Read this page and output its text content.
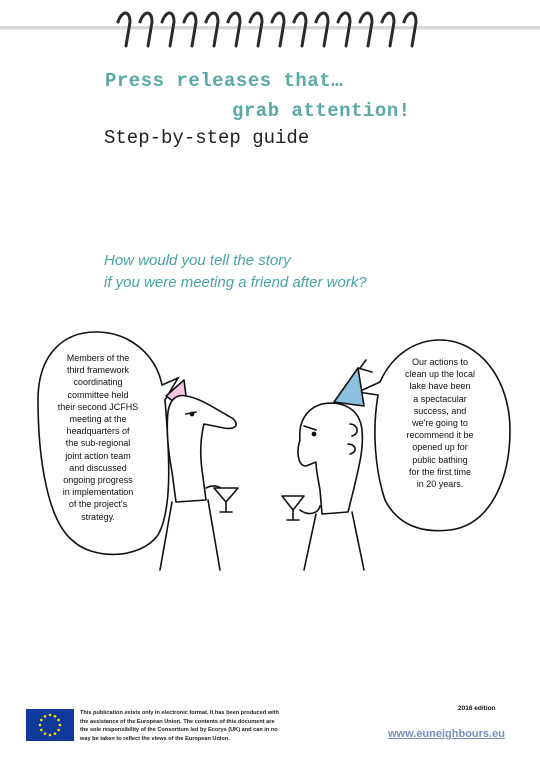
Press releases that…
grab attention!
Step-by-step guide
How would you tell the story
if you were meeting a friend after work?
Members of the
third framework
coordinating
committee held
their second JCFHS
meeting at the
headquarters of
the sub-regional
joint action team
and discussed
ongoing progress
in implementation
of the project's
strategy.
Our actions to
clean up the local
lake have been
a spectacular
success, and
we're going to
recommend it be
opened up for
public bathing
for the first time
in 20 years.
This publication exists only in electronic format. It has been produced with
the assistance of the European Union. The contents of this document are
the sole responsibility of the Consortium led by Ecorys (UK) and can in no
way be taken to reflect the views of the European Union.
2016 edition
www.euneighbours.eu
